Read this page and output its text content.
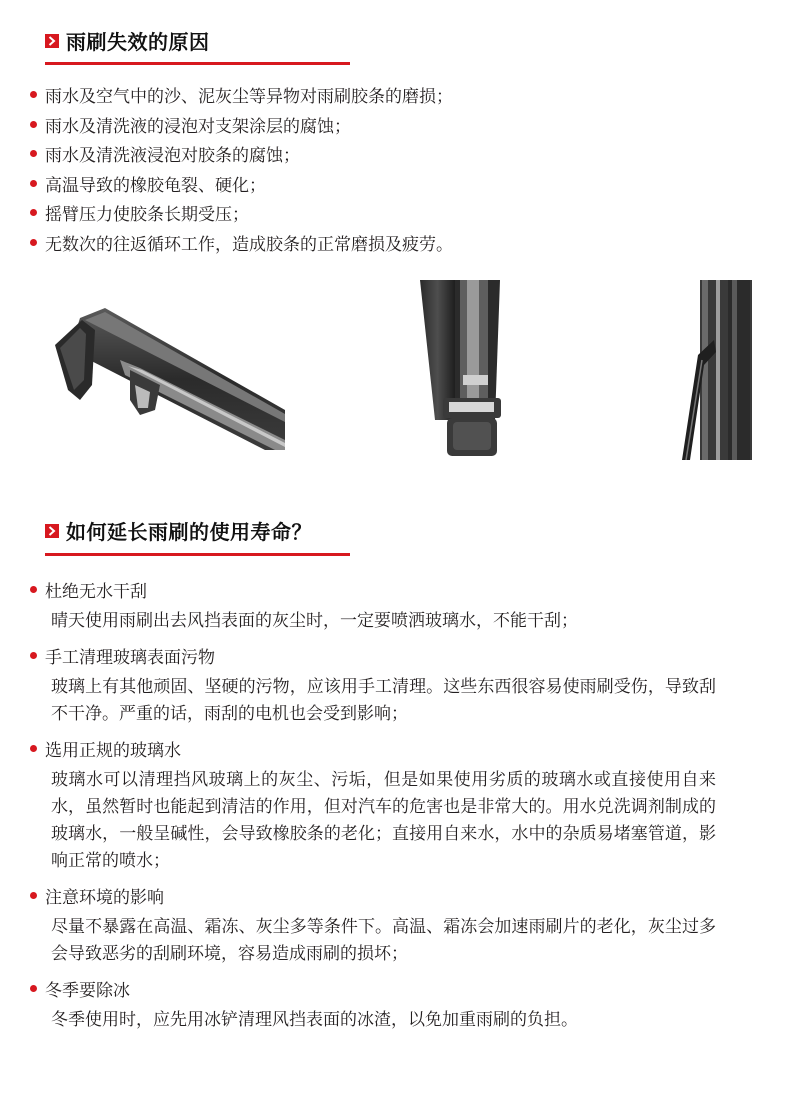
雨刷失效的原因
雨水及空气中的沙、泥灰尘等异物对雨刷胶条的磨损；
雨水及清洗液的浸泡对支架涂层的腐蚀；
雨水及清洗液浸泡对胶条的腐蚀；
高温导致的橡胶龟裂、硬化；
摇臂压力使胶条长期受压；
无数次的往返循环工作，造成胶条的正常磨损及疲劳。
如何延长雨刷的使用寿命？
杜绝无水干刮
晴天使用雨刷出去风挡表面的灰尘时，一定要喷洒玻璃水，不能干刮；
手工清理玻璃表面污物
玻璃上有其他顽固、坚硬的污物，应该用手工清理。这些东西很容易使雨刷受伤，导致刮不干净。严重的话，雨刮的电机也会受到影响；
选用正规的玻璃水
玻璃水可以清理挡风玻璃上的灰尘、污垢，但是如果使用劣质的玻璃水或直接使用自来水，虽然暂时也能起到清洁的作用，但对汽车的危害也是非常大的。用水兑洗调剂制成的玻璃水，一般呈碱性，会导致橡胶条的老化；直接用自来水，水中的杂质易堵塞管道，影响正常的喷水；
注意环境的影响
尽量不暴露在高温、霜冻、灰尘多等条件下。高温、霜冻会加速雨刷片的老化，灰尘过多会导致恶劣的刮刷环境，容易造成雨刷的损坏；
冬季要除冰
冬季使用时，应先用冰铲清理风挡表面的冰渣，以免加重雨刷的负担。
